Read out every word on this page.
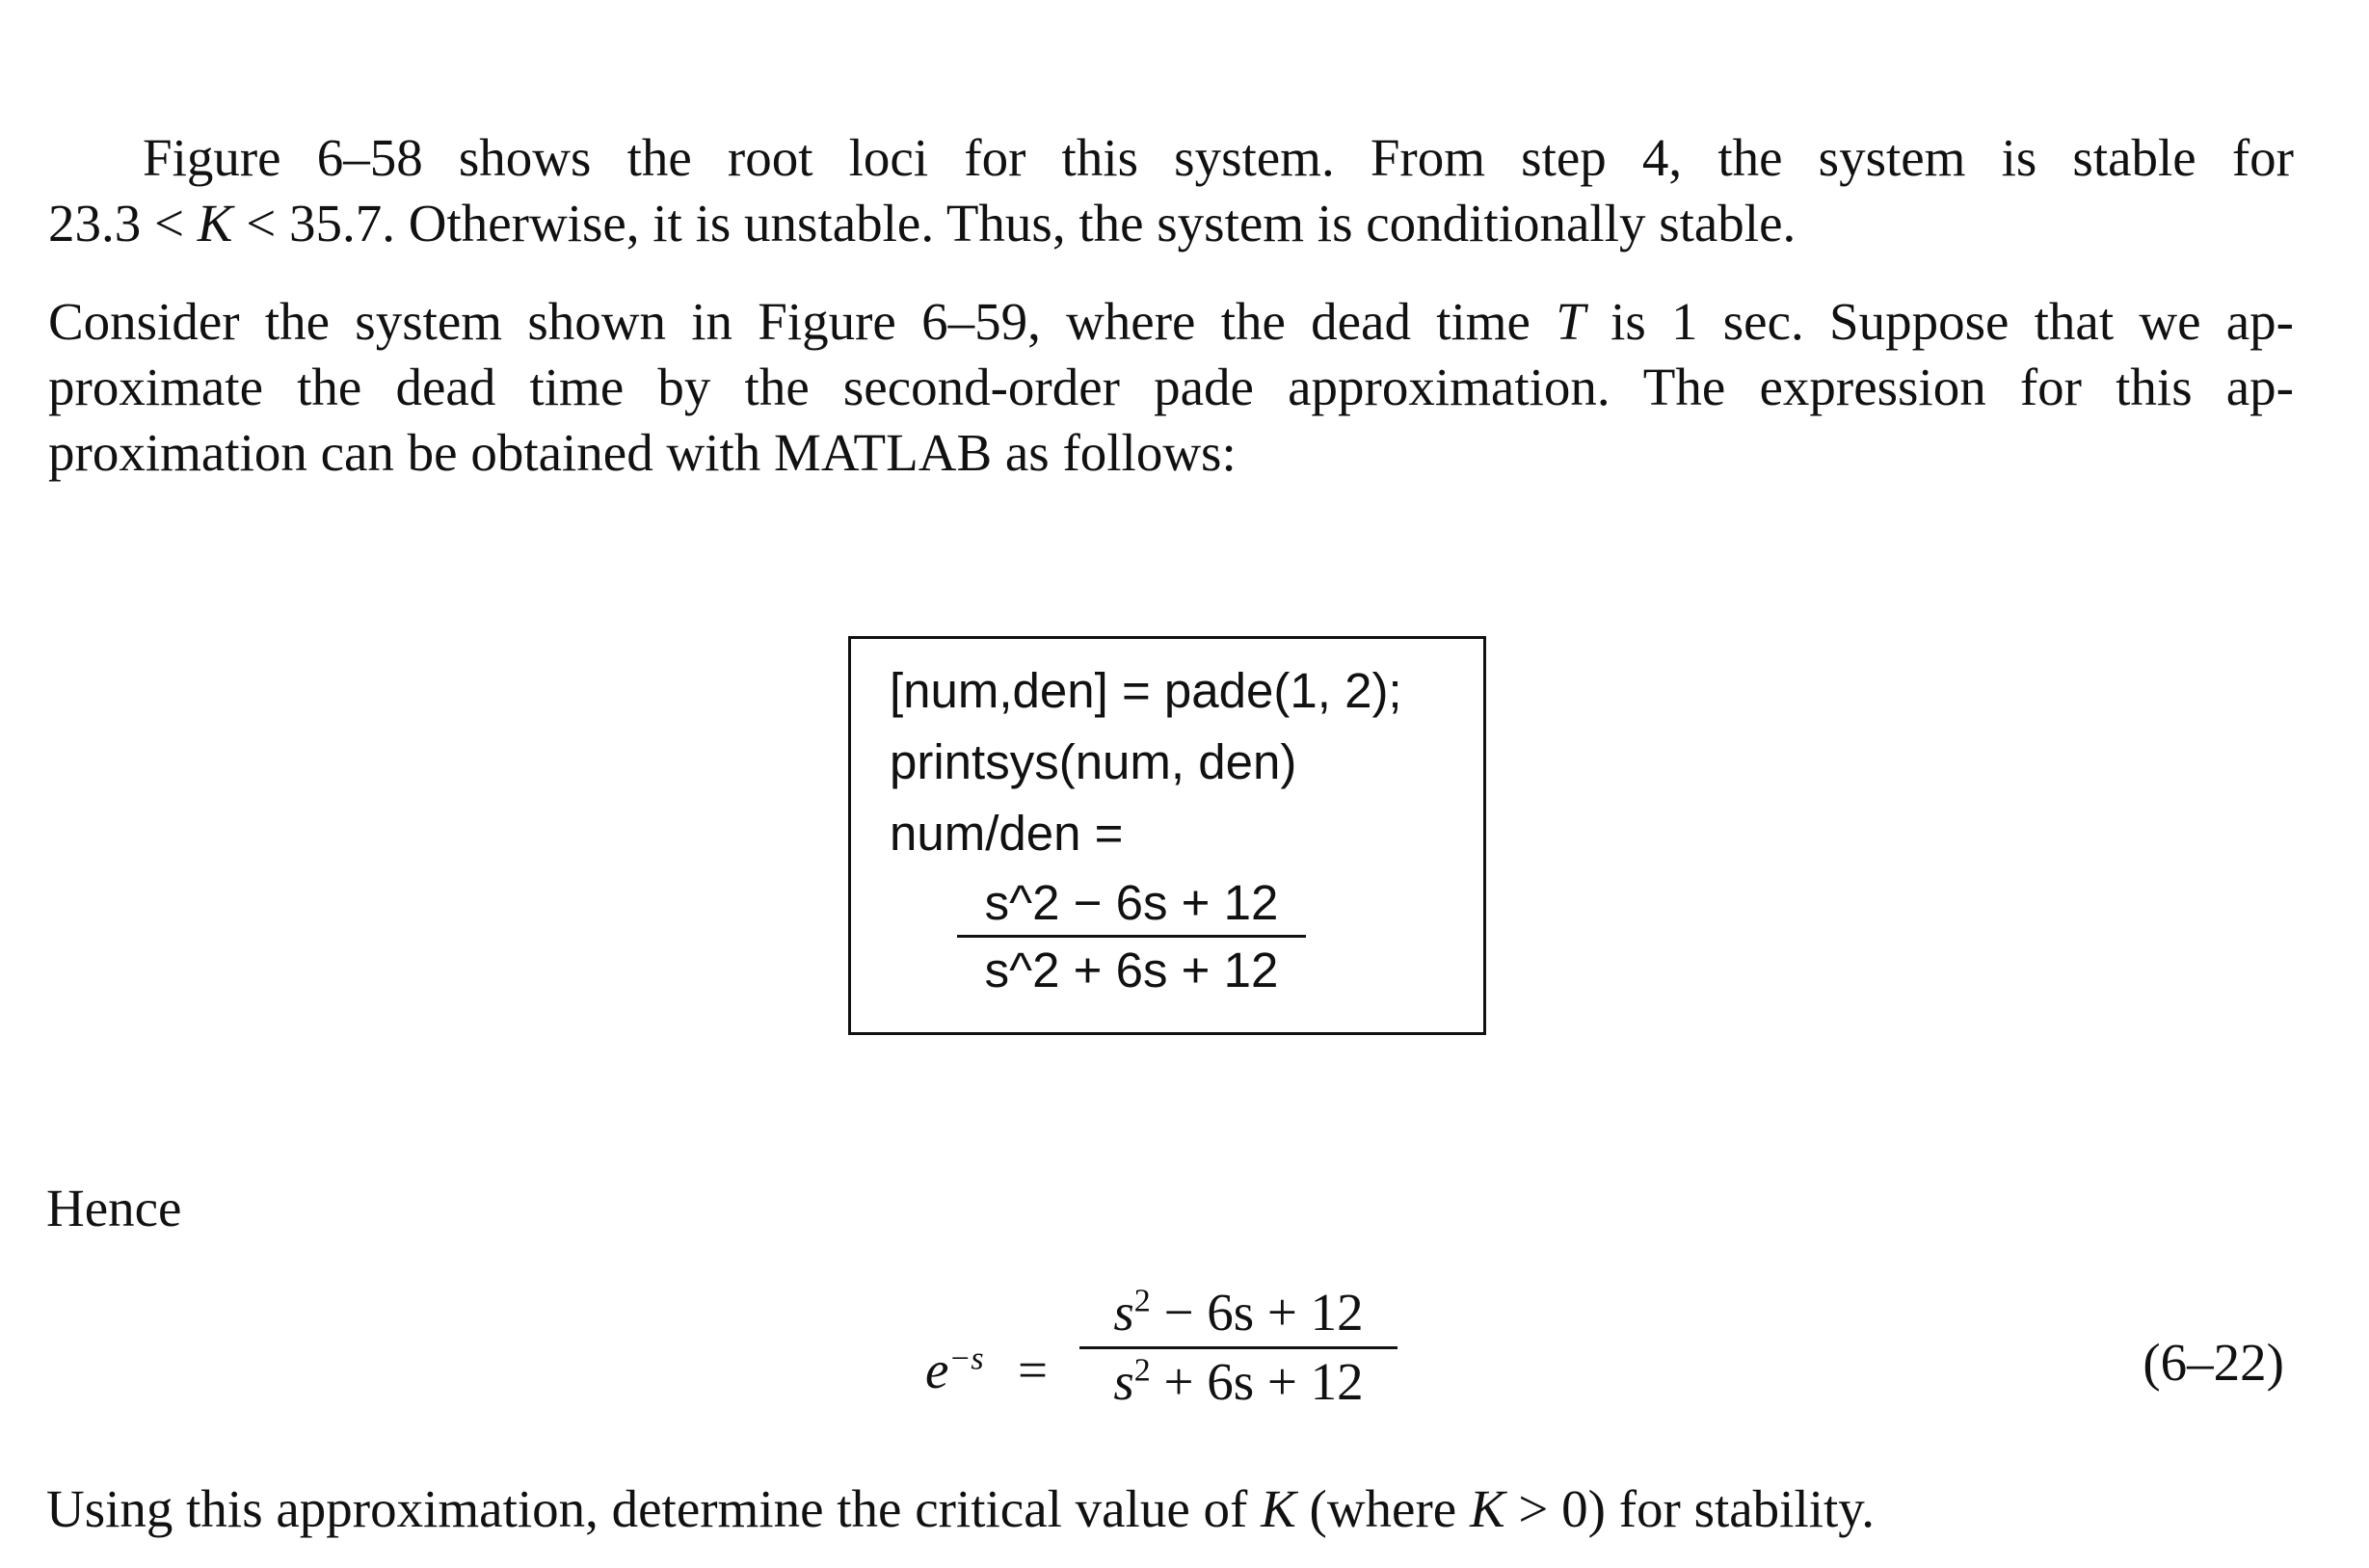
Figure 6–58 shows the root loci for this system. From step 4, the system is stable for
23.3 < K < 35.7. Otherwise, it is unstable. Thus, the system is conditionally stable.
Consider the system shown in Figure 6–59, where the dead time T is 1 sec. Suppose that we ap-
proximate the dead time by the second-order pade approximation. The expression for this ap-
proximation can be obtained with MATLAB as follows:
[num,den] = pade(1, 2);
printsys(num, den)
num/den =
s^2 − 6s + 12
s^2 + 6s + 12

Hence

$e^{-s}$ =
$s^2 - 6s + 12$
$s^2 + 6s + 12$	(6–22)

Using this approximation, determine the critical value of K (where K > 0) for stability.
